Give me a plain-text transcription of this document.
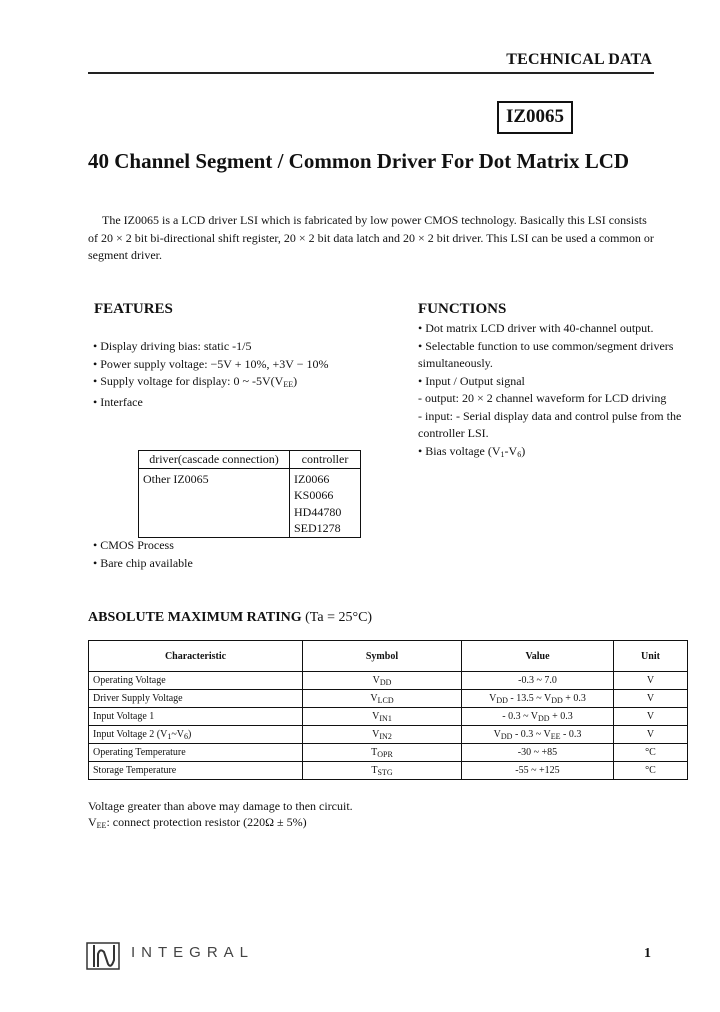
TECHNICAL DATA
IZ0065
40 Channel Segment / Common Driver For Dot Matrix LCD
The IZ0065 is a LCD driver LSI which is fabricated by low power CMOS technology. Basically this LSI consists of 20 × 2 bit bi-directional shift register, 20 × 2 bit data latch and 20 × 2 bit driver. This LSI can be used a common or segment driver.
FEATURES
• Display driving bias: static -1/5
• Power supply voltage: −5V + 10%, +3V − 10%
• Supply voltage for display: 0 ~ $-5V(V_{EE})$
• Interface
driver(cascade connection)	controller
Other IZ0065	IZ0066
	KS0066
	HD44780
	SED1278
• CMOS Process
• Bare chip available
FUNCTIONS
• Dot matrix LCD driver with 40-channel output.
• Selectable function to use common/segment drivers simultaneously.
• Input / Output signal
- output: 20 × 2 channel waveform for LCD driving
- input: - Serial display data and control pulse from the controller LSI.
• Bias voltage $(V_1-V_6)$
ABSOLUTE MAXIMUM RATING (Ta = 25°C)
Characteristic	Symbol	Value	Unit
Operating Voltage	$V_{DD}$	-0.3 ~ 7.0	V
Driver Supply Voltage	$V_{LCD}$	$V_{DD} - 13.5$ ~ $V_{DD} + 0.3$	V
Input Voltage 1	$V_{IN1}$	- 0.3 ~ $V_{DD} + 0.3$	V
Input Voltage 2 $(V_1\sim V_6)$	$V_{IN2}$	$V_{DD} - 0.3$ ~ $V_{EE} - 0.3$	V
Operating Temperature	$T_{OPR}$	-30 ~ +85	°C
Storage Temperature	$T_{STG}$	-55 ~ +125	°C
Voltage greater than above may damage to then circuit.
$V_{EE}$: connect protection resistor (220Ω ± 5%)
INTEGRAL	1
